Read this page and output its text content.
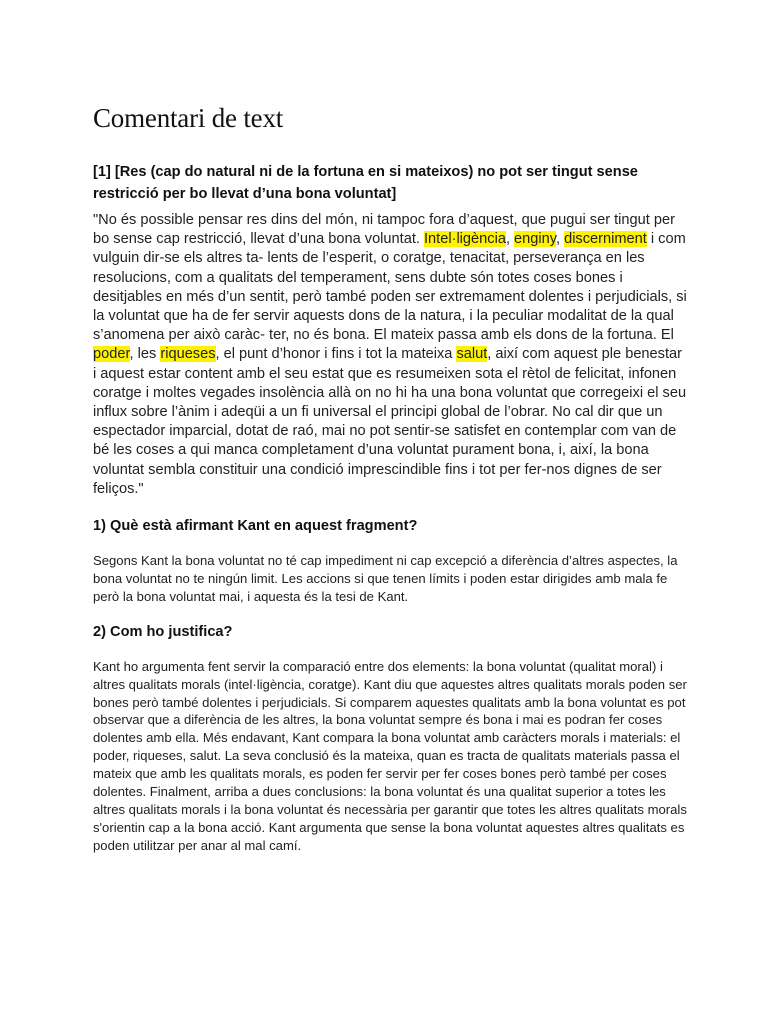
Comentari de text

[1] [Res (cap do natural ni de la fortuna en si mateixos) no pot ser tingut sense restricció per bo llevat d’una bona voluntat]

"No és possible pensar res dins del món, ni tampoc fora d’aquest, que pugui ser tingut per bo sense cap restricció, llevat d’una bona voluntat. Intel·ligència, enginy, discerniment i com vulguin dir-se els altres ta- lents de l’esperit, o coratge, tenacitat, perseverança en les resolucions, com a qualitats del temperament, sens dubte són totes coses bones i desitjables en més d’un sentit, però també poden ser extremament dolentes i perjudicials, si la voluntat que ha de fer servir aquests dons de la natura, i la peculiar modalitat de la qual s’anomena per això caràc- ter, no és bona. El mateix passa amb els dons de la fortuna. El poder, les riqueses, el punt d’honor i fins i tot la mateixa salut, així com aquest ple benestar i aquest estar content amb el seu estat que es resumeixen sota el rètol de felicitat, infonen coratge i moltes vegades insolència allà on no hi ha una bona voluntat que corregeixi el seu influx sobre l’ànim i adeqüi a un fi universal el principi global de l’obrar. No cal dir que un espectador imparcial, dotat de raó, mai no pot sentir-se satisfet en contemplar com van de bé les coses a qui manca completament d’una voluntat purament bona, i, així, la bona voluntat sembla constituir una condició imprescindible fins i tot per fer-nos dignes de ser feliços."

1) Què està afirmant Kant en aquest fragment?

Segons Kant la bona voluntat no té cap impediment ni cap excepció a diferència d’altres aspectes, la bona voluntat no te ningún limit. Les accions si que tenen límits i poden estar dirigides amb mala fe però la bona voluntat mai, i aquesta és la tesi de Kant.

2) Com ho justifica?

Kant ho argumenta fent servir la comparació entre dos elements: la bona voluntat (qualitat moral) i altres qualitats morals (intel·ligència, coratge). Kant diu que aquestes altres qualitats morals poden ser bones però també dolentes i perjudicials. Si comparem aquestes qualitats amb la bona voluntat es pot observar que a diferència de les altres, la bona voluntat sempre és bona i mai es podran fer coses dolentes amb ella. Més endavant, Kant compara la bona voluntat amb caràcters morals i materials: el poder, riqueses, salut. La seva conclusió és la mateixa, quan es tracta de qualitats materials passa el mateix que amb les qualitats morals, es poden fer servir per fer coses bones però també per coses dolentes. Finalment, arriba a dues conclusions: la bona voluntat és una qualitat superior a totes les altres qualitats morals i la bona voluntat és necessària per garantir que totes les altres qualitats morals s'orientin cap a la bona acció. Kant argumenta que sense la bona voluntat aquestes altres qualitats es poden utilitzar per anar al mal camí.
